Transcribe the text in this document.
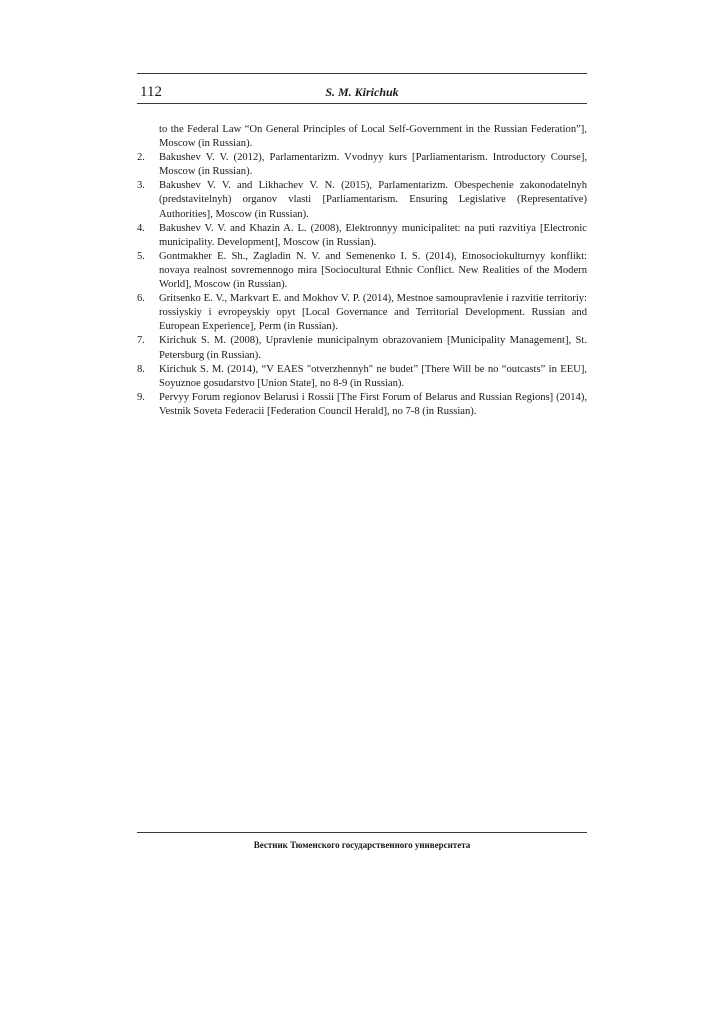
112	S. M. Kirichuk
to the Federal Law “On General Principles of Local Self-Government in the Russian Federation”], Moscow (in Russian).
2. Bakushev V. V. (2012), Parlamentarizm. Vvodnyy kurs [Parliamentarism. Introductory Course], Moscow (in Russian).
3. Bakushev V. V. and Likhachev V. N. (2015), Parlamentarizm. Obespechenie zakonodatelnyh (predstavitelnyh) organov vlasti [Parliamentarism. Ensuring Legislative (Representative) Authorities], Moscow (in Russian).
4. Bakushev V. V. and Khazin A. L. (2008), Elektronnyy municipalitet: na puti razvitiya [Electronic municipality. Development], Moscow (in Russian).
5. Gontmakher E. Sh., Zagladin N. V. and Semenenko I. S. (2014), Etnosociokulturnyy konflikt: novaya realnost sovremennogo mira [Sociocultural Ethnic Conflict. New Realities of the Modern World], Moscow (in Russian).
6. Gritsenko E. V., Markvart E. and Mokhov V. P. (2014), Mestnoe samoupravlenie i razvitie territoriy: rossiyskiy i evropeyskiy opyt [Local Governance and Territorial Development. Russian and European Experience], Perm (in Russian).
7. Kirichuk S. M. (2008), Upravlenie municipalnym obrazovaniem [Municipality Management], St. Petersburg (in Russian).
8. Kirichuk S. M. (2014), “V EAES "otverzhennyh" ne budet” [There Will be no “outcasts” in EEU], Soyuznoe gosudarstvo [Union State], no 8-9 (in Russian).
9. Pervyy Forum regionov Belarusi i Rossii [The First Forum of Belarus and Russian Regions] (2014), Vestnik Soveta Federacii [Federation Council Herald], no 7-8 (in Russian).
Вестник Тюменского государственного университета
